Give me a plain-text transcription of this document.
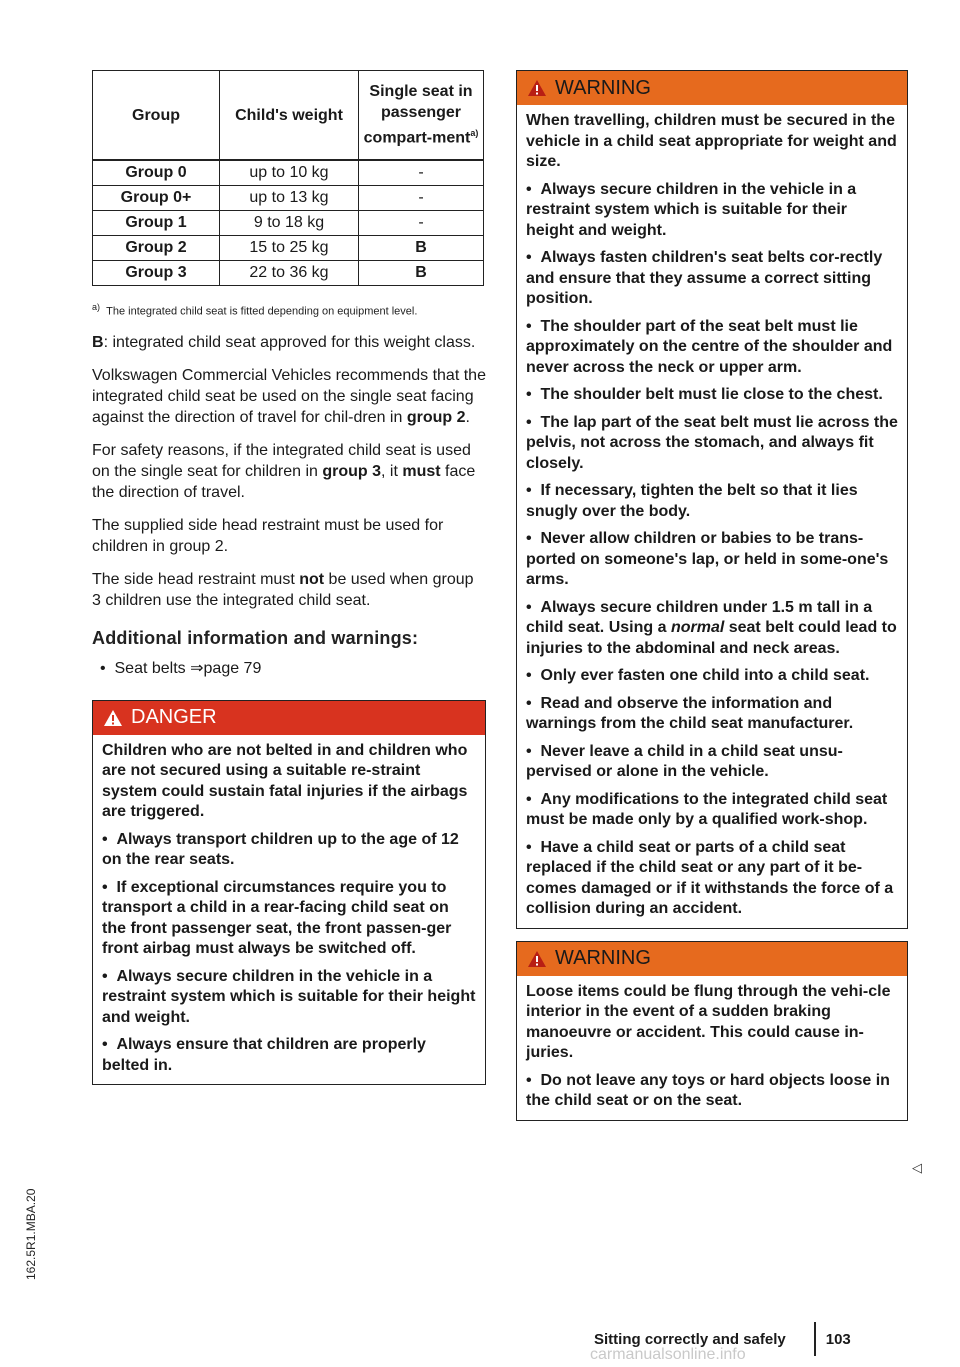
Group	Child's weight	Single seat in passenger compart-ment$^{a)}$
Group 0	up to 10 kg	-
Group 0+	up to 13 kg	-
Group 1	9 to 18 kg	-
Group 2	15 to 25 kg	B
Group 3	22 to 36 kg	B

$^{a)}$ The integrated child seat is fitted depending on equipment level.

B: integrated child seat approved for this weight class.

Volkswagen Commercial Vehicles recommends that the integrated child seat be used on the single seat facing against the direction of travel for chil-dren in group 2.

For safety reasons, if the integrated child seat is used on the single seat for children in group 3, it must face the direction of travel.

The supplied side head restraint must be used for children in group 2.

The side head restraint must not be used when group 3 children use the integrated child seat.

Additional information and warnings:
•  Seat belts ⇒page 79
DANGER

Children who are not belted in and children who are not secured using a suitable re-straint system could sustain fatal injuries if the airbags are triggered.

•  Always transport children up to the age of 12 on the rear seats.

•  If exceptional circumstances require you to transport a child in a rear-facing child seat on the front passenger seat, the front passen-ger front airbag must always be switched off.

•  Always secure children in the vehicle in a restraint system which is suitable for their height and weight.

•  Always ensure that children are properly belted in.

WARNING

When travelling, children must be secured in the vehicle in a child seat appropriate for weight and size.

•  Always secure children in the vehicle in a restraint system which is suitable for their height and weight.

•  Always fasten children's seat belts cor-rectly and ensure that they assume a correct sitting position.

•  The shoulder part of the seat belt must lie approximately on the centre of the shoulder and never across the neck or upper arm.

•  The shoulder belt must lie close to the chest.

•  The lap part of the seat belt must lie across the pelvis, not across the stomach, and always fit closely.

•  If necessary, tighten the belt so that it lies snugly over the body.

•  Never allow children or babies to be trans-ported on someone's lap, or held in some-one's arms.

•  Always secure children under 1.5 m tall in a child seat. Using a normal seat belt could lead to injuries to the abdominal and neck areas.

•  Only ever fasten one child into a child seat.

•  Read and observe the information and warnings from the child seat manufacturer.

•  Never leave a child in a child seat unsu-pervised or alone in the vehicle.

•  Any modifications to the integrated child seat must be made only by a qualified work-shop.

•  Have a child seat or parts of a child seat replaced if the child seat or any part of it be-comes damaged or if it withstands the force of a collision during an accident.

WARNING

Loose items could be flung through the vehi-cle interior in the event of a sudden braking manoeuvre or accident. This could cause in-juries.

•  Do not leave any toys or hard objects loose in the child seat or on the seat.

◁
162.5R1.MBA.20
Sitting correctly and safely	103
carmanualsonline.info
